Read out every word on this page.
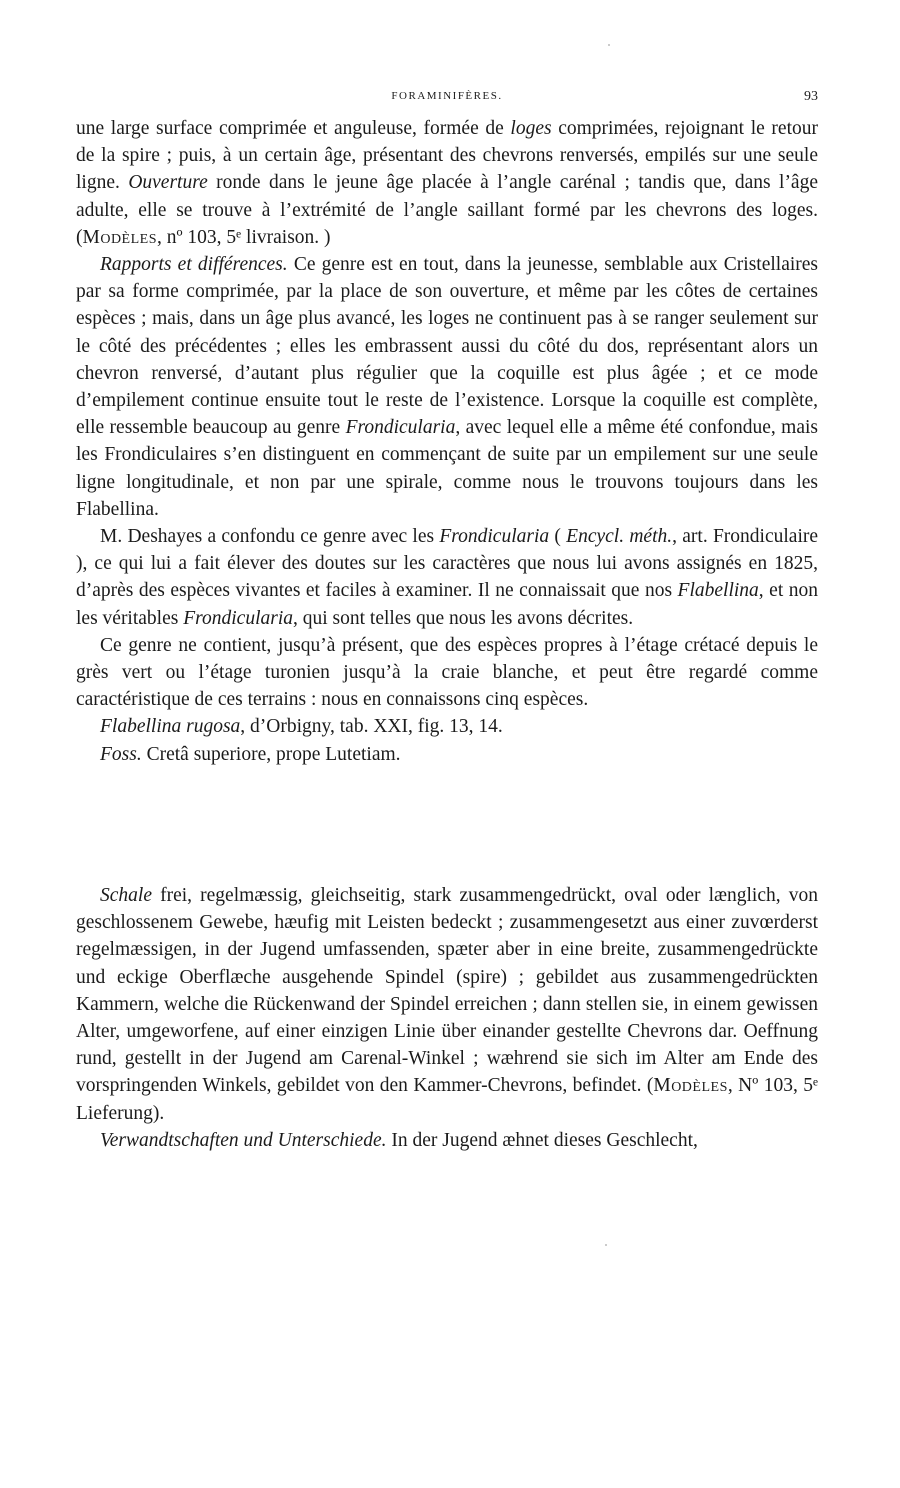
FORAMINIFÈRES.	93

une large surface comprimée et anguleuse, formée de loges comprimées, rejoignant le retour de la spire ; puis, à un certain âge, présentant des chevrons renversés, empilés sur une seule ligne. Ouverture ronde dans le jeune âge placée à l’angle carénal ; tandis que, dans l’âge adulte, elle se trouve à l’extrémité de l’angle saillant formé par les chevrons des loges. (Modèles, nº 103, 5ᵉ livraison. )

Rapports et différences. Ce genre est en tout, dans la jeunesse, semblable aux Cristellaires par sa forme comprimée, par la place de son ouverture, et même par les côtes de certaines espèces ; mais, dans un âge plus avancé, les loges ne continuent pas à se ranger seulement sur le côté des précédentes ; elles les embrassent aussi du côté du dos, représentant alors un chevron renversé, d’autant plus régulier que la coquille est plus âgée ; et ce mode d’empilement continue ensuite tout le reste de l’existence. Lorsque la coquille est complète, elle ressemble beaucoup au genre Frondicularia, avec lequel elle a même été confondue, mais les Frondiculaires s’en distinguent en commençant de suite par un empilement sur une seule ligne longitudinale, et non par une spirale, comme nous le trouvons toujours dans les Flabellina.

M. Deshayes a confondu ce genre avec les Frondicularia ( Encycl. méth., art. Frondiculaire ), ce qui lui a fait élever des doutes sur les caractères que nous lui avons assignés en 1825, d’après des espèces vivantes et faciles à examiner. Il ne connaissait que nos Flabellina, et non les véritables Frondicularia, qui sont telles que nous les avons décrites.

Ce genre ne contient, jusqu’à présent, que des espèces propres à l’étage crétacé depuis le grès vert ou l’étage turonien jusqu’à la craie blanche, et peut être regardé comme caractéristique de ces terrains : nous en connaissons cinq espèces.

Flabellina rugosa, d’Orbigny, tab. XXI, fig. 13, 14.

Foss. Cretâ superiore, prope Lutetiam.

Schale frei, regelmæssig, gleichseitig, stark zusammengedrückt, oval oder længlich, von geschlossenem Gewebe, hæufig mit Leisten bedeckt ; zusammengesetzt aus einer zuvœrderst regelmæssigen, in der Jugend umfassenden, spæter aber in eine breite, zusammengedrückte und eckige Oberflæche ausgehende Spindel (spire) ; gebildet aus zusammengedrückten Kammern, welche die Rückenwand der Spindel erreichen ; dann stellen sie, in einem gewissen Alter, umgeworfene, auf einer einzigen Linie über einander gestellte Chevrons dar. Oeffnung rund, gestellt in der Jugend am Carenal-Winkel ; wæhrend sie sich im Alter am Ende des vorspringenden Winkels, gebildet von den Kammer-Chevrons, befindet. (Modèles, Nº 103, 5ᵉ Lieferung).

Verwandtschaften und Unterschiede. In der Jugend æhnet dieses Geschlecht,
